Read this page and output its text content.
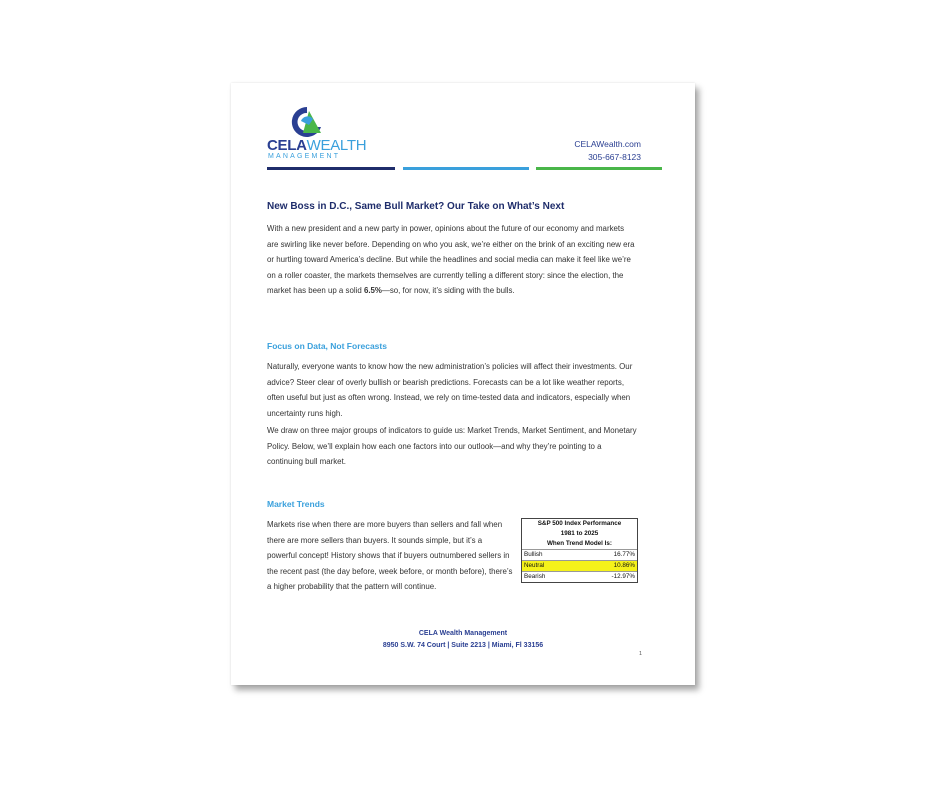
CELAWEALTH
MANAGEMENT
CELAWealth.com
305-667-8123
New Boss in D.C., Same Bull Market? Our Take on What’s Next
With a new president and a new party in power, opinions about the future of our economy and markets are swirling like never before. Depending on who you ask, we’re either on the brink of an exciting new era or hurtling toward America’s decline. But while the headlines and social media can make it feel like we’re on a roller coaster, the markets themselves are currently telling a different story: since the election, the market has been up a solid 6.5%—so, for now, it’s siding with the bulls.
Focus on Data, Not Forecasts
Naturally, everyone wants to know how the new administration’s policies will affect their investments. Our advice? Steer clear of overly bullish or bearish predictions. Forecasts can be a lot like weather reports, often useful but just as often wrong. Instead, we rely on time-tested data and indicators, especially when uncertainty runs high.
We draw on three major groups of indicators to guide us: Market Trends, Market Sentiment, and Monetary Policy. Below, we’ll explain how each one factors into our outlook—and why they’re pointing to a continuing bull market.
Market Trends
Markets rise when there are more buyers than sellers and fall when there are more sellers than buyers. It sounds simple, but it’s a powerful concept! History shows that if buyers outnumbered sellers in the recent past (the day before, week before, or month before), there’s a higher probability that the pattern will continue.
S&P 500 Index Performance
1981 to 2025
When Trend Model Is:
Bullish	16.77%
Neutral	10.86%
Bearish	-12.97%
CELA Wealth Management
8950 S.W. 74 Court | Suite 2213 | Miami, Fl 33156
1
